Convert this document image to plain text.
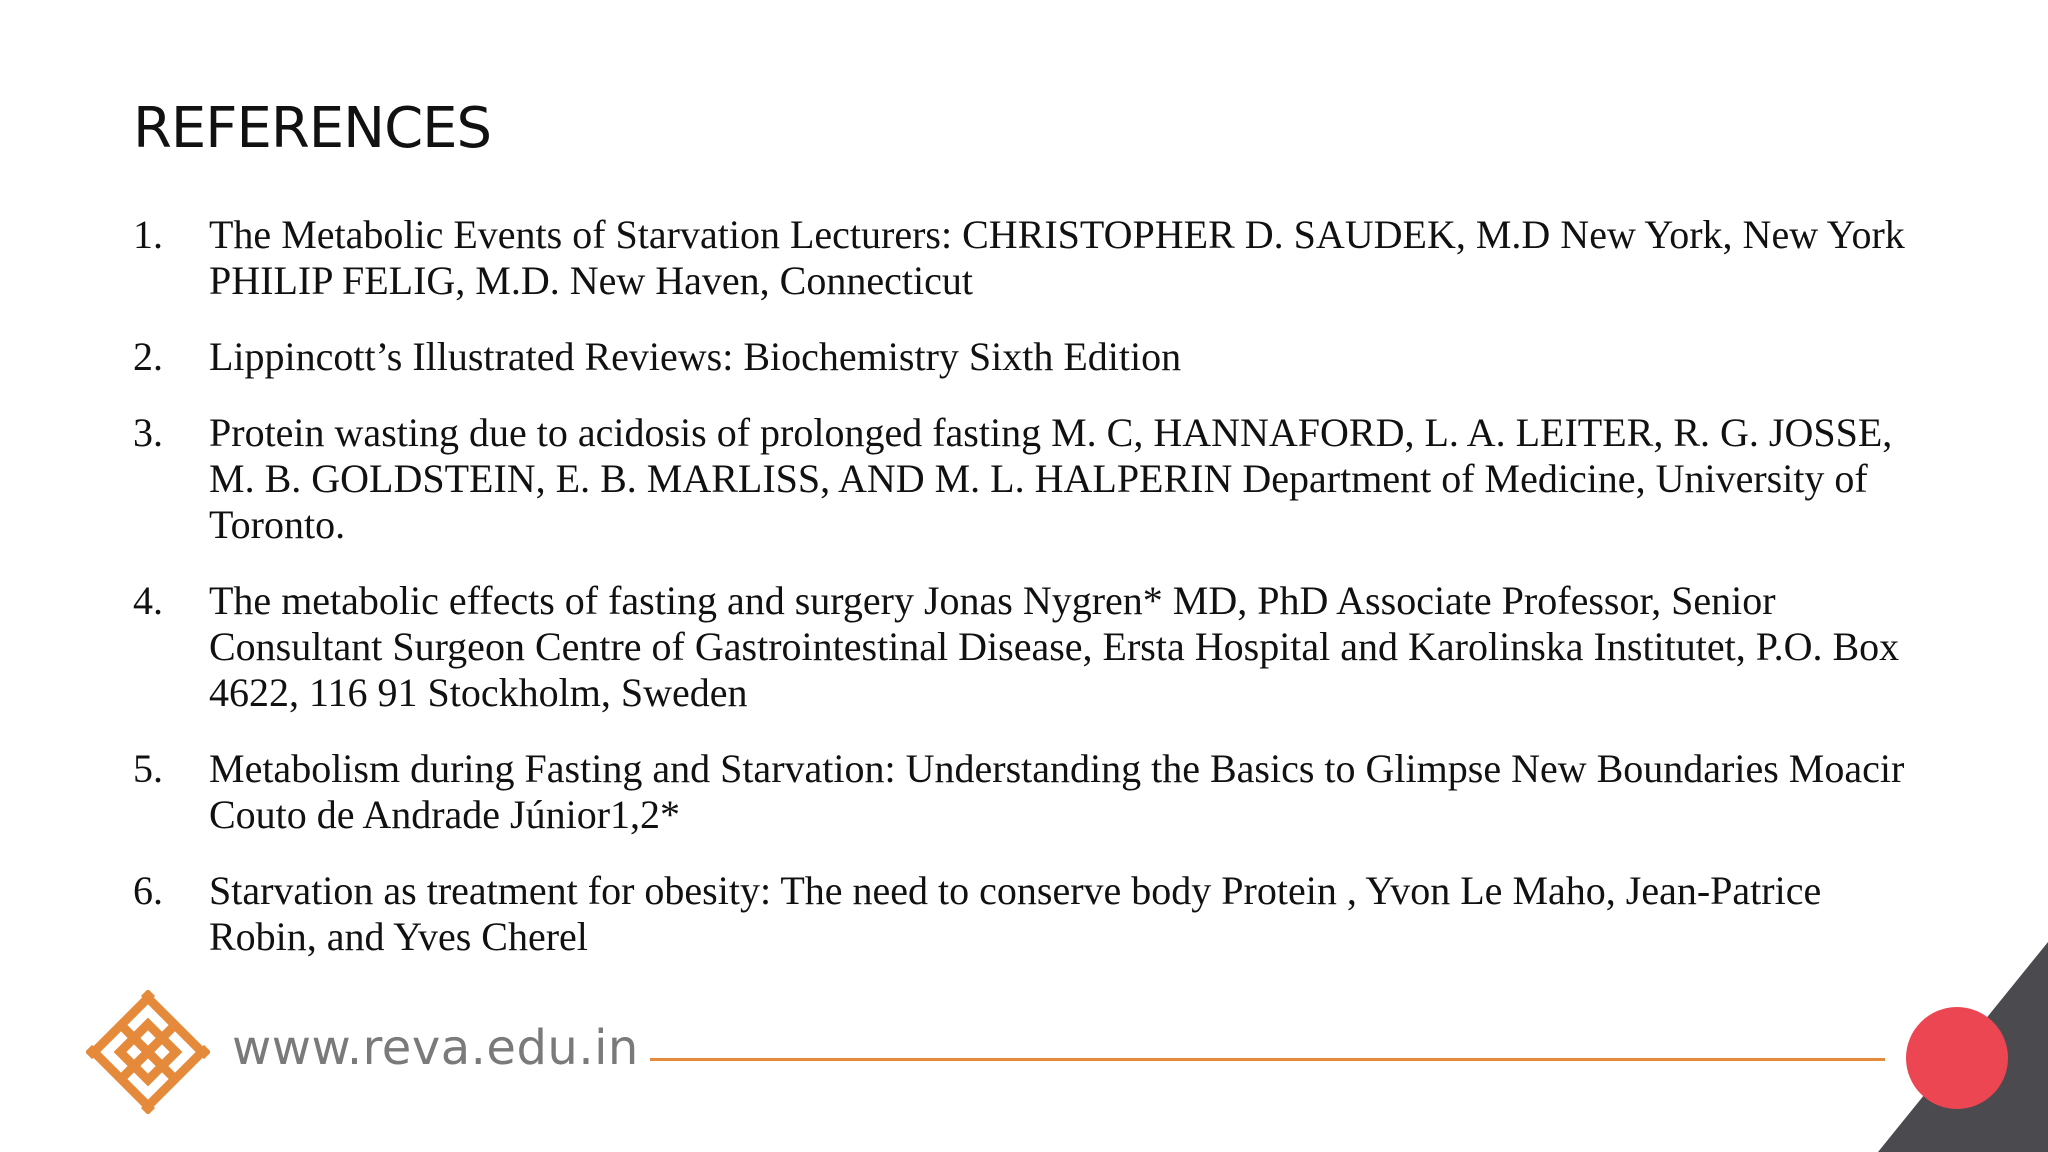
REFERENCES
1.	The Metabolic Events of Starvation Lecturers: CHRISTOPHER D. SAUDEK, M.D New York, New York PHILIP FELIG, M.D. New Haven, Connecticut
2.	Lippincott’s Illustrated Reviews: Biochemistry Sixth Edition
3.	Protein wasting due to acidosis of prolonged fasting M. C, HANNAFORD, L. A. LEITER, R. G. JOSSE, M. B. GOLDSTEIN, E. B. MARLISS, AND M. L. HALPERIN Department of Medicine, University of Toronto.
4.	The metabolic effects of fasting and surgery Jonas Nygren* MD, PhD Associate Professor, Senior Consultant Surgeon Centre of Gastrointestinal Disease, Ersta Hospital and Karolinska Institutet, P.O. Box 4622, 116 91 Stockholm, Sweden
5.	Metabolism during Fasting and Starvation: Understanding the Basics to Glimpse New Boundaries Moacir Couto de Andrade Júnior1,2*
6.	Starvation as treatment for obesity: The need to conserve body Protein , Yvon Le Maho, Jean-Patrice Robin, and Yves Cherel
www.reva.edu.in
